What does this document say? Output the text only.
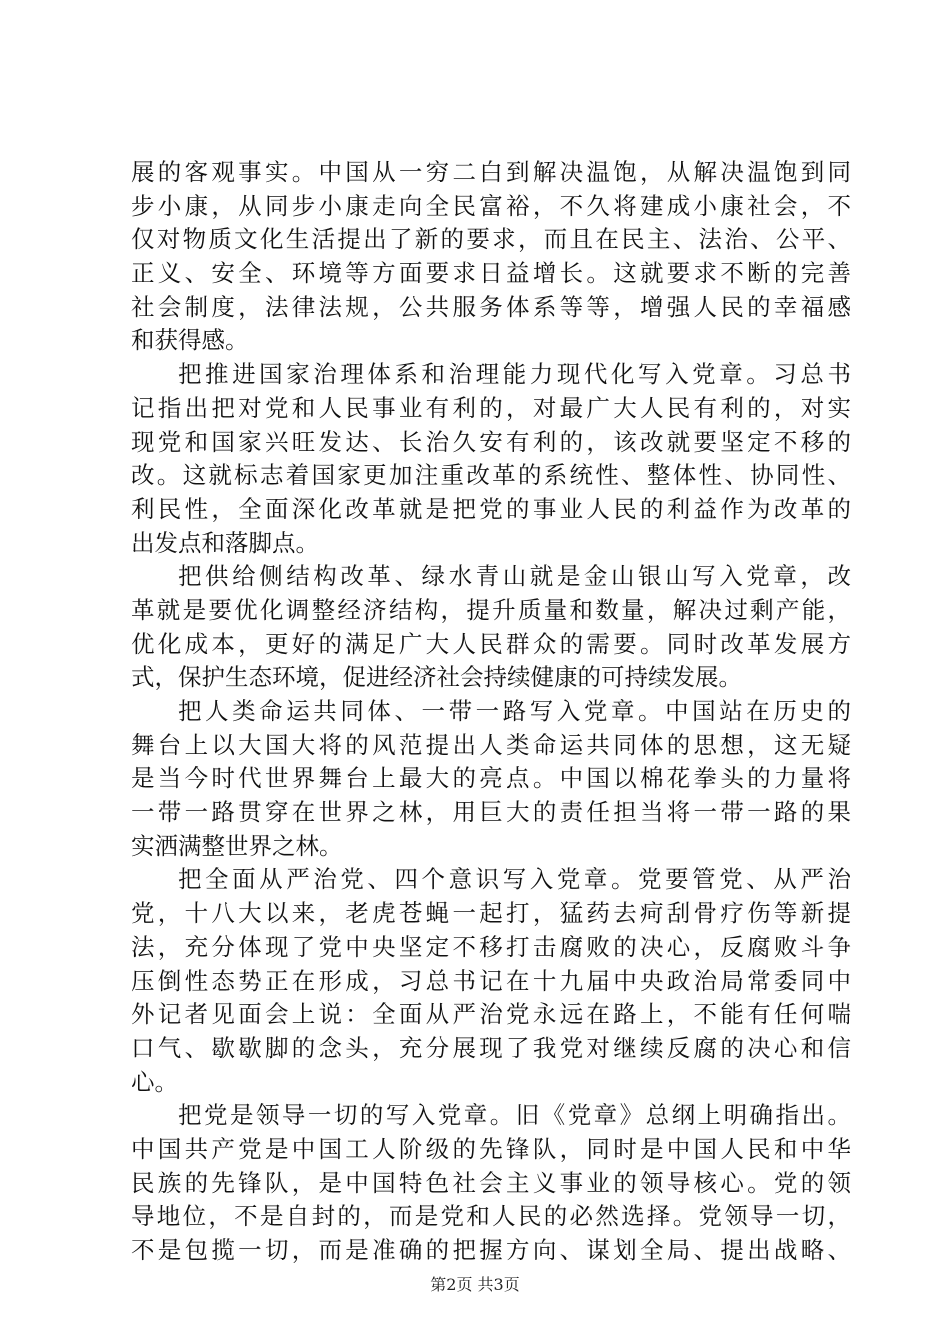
展的客观事实。中国从一穷二白到解决温饱，从解决温饱到同
步小康，从同步小康走向全民富裕，不久将建成小康社会，不
仅对物质文化生活提出了新的要求，而且在民主、法治、公平、
正义、安全、环境等方面要求日益增长。这就要求不断的完善
社会制度，法律法规，公共服务体系等等，增强人民的幸福感
和获得感。
把推进国家治理体系和治理能力现代化写入党章。习总书
记指出把对党和人民事业有利的，对最广大人民有利的，对实
现党和国家兴旺发达、长治久安有利的，该改就要坚定不移的
改。这就标志着国家更加注重改革的系统性、整体性、协同性、
利民性，全面深化改革就是把党的事业人民的利益作为改革的
出发点和落脚点。
把供给侧结构改革、绿水青山就是金山银山写入党章，改
革就是要优化调整经济结构，提升质量和数量，解决过剩产能，
优化成本，更好的满足广大人民群众的需要。同时改革发展方
式，保护生态环境，促进经济社会持续健康的可持续发展。
把人类命运共同体、一带一路写入党章。中国站在历史的
舞台上以大国大将的风范提出人类命运共同体的思想，这无疑
是当今时代世界舞台上最大的亮点。中国以棉花拳头的力量将
一带一路贯穿在世界之林，用巨大的责任担当将一带一路的果
实洒满整世界之林。
把全面从严治党、四个意识写入党章。党要管党、从严治
党，十八大以来，老虎苍蝇一起打，猛药去疴刮骨疗伤等新提
法，充分体现了党中央坚定不移打击腐败的决心，反腐败斗争
压倒性态势正在形成，习总书记在十九届中央政治局常委同中
外记者见面会上说：全面从严治党永远在路上，不能有任何喘
口气、歇歇脚的念头，充分展现了我党对继续反腐的决心和信
心。
把党是领导一切的写入党章。旧《党章》总纲上明确指出。
中国共产党是中国工人阶级的先锋队，同时是中国人民和中华
民族的先锋队，是中国特色社会主义事业的领导核心。党的领
导地位，不是自封的，而是党和人民的必然选择。党领导一切，
不是包揽一切，而是准确的把握方向、谋划全局、提出战略、
第2页 共3页
